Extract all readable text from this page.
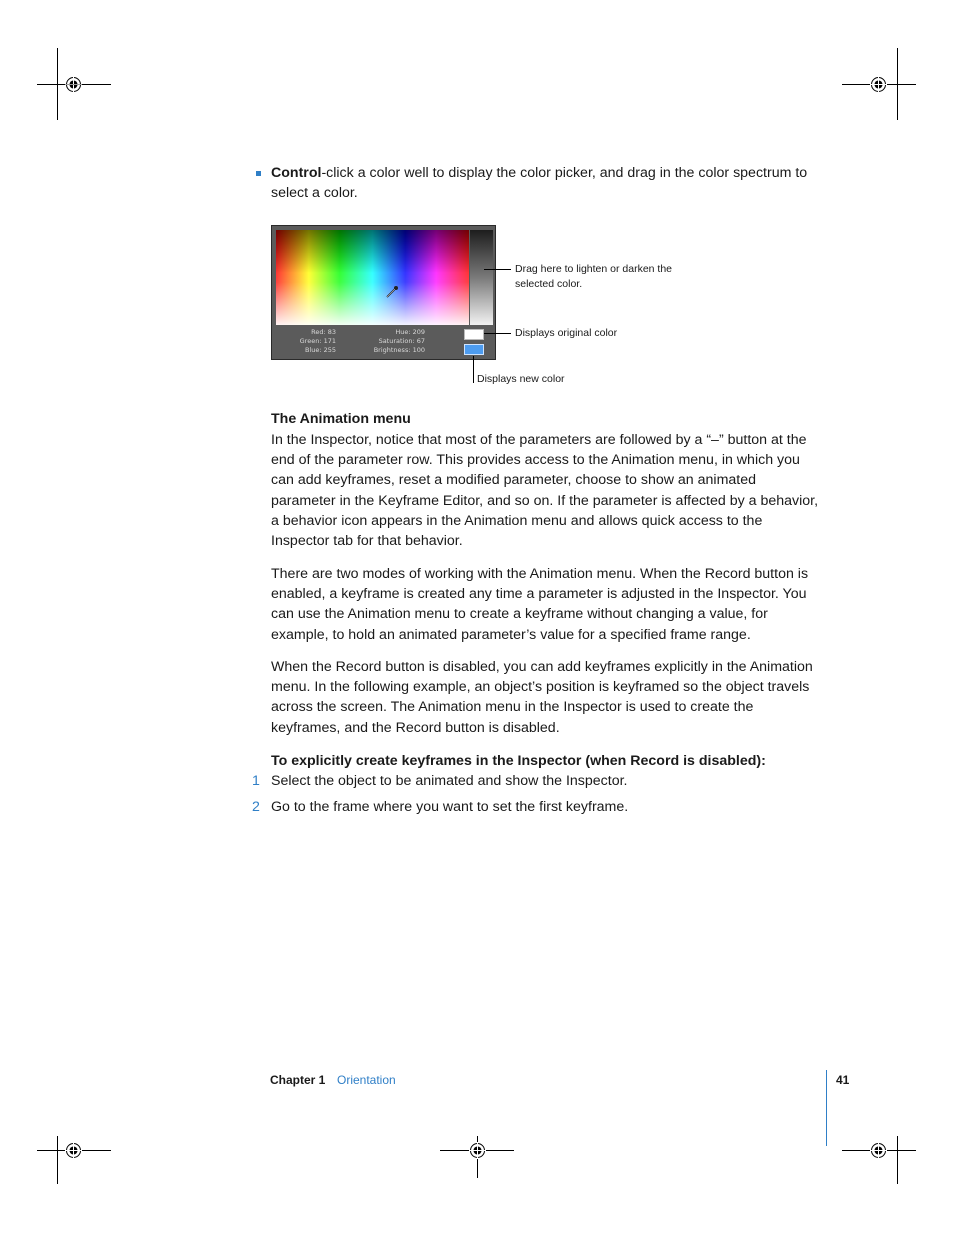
Control-click a color well to display the color picker, and drag in the color spectrum to
select a color.
Red: 83
Green: 171
Blue: 255
Hue: 209
Saturation: 67
Brightness: 100
Drag here to lighten or darken the
selected color.
Displays original color
Displays new color
The Animation menu
In the Inspector, notice that most of the parameters are followed by a “–” button at the
end of the parameter row. This provides access to the Animation menu, in which you
can add keyframes, reset a modified parameter, choose to show an animated
parameter in the Keyframe Editor, and so on. If the parameter is affected by a behavior,
a behavior icon appears in the Animation menu and allows quick access to the
Inspector tab for that behavior.
There are two modes of working with the Animation menu. When the Record button is
enabled, a keyframe is created any time a parameter is adjusted in the Inspector. You
can use the Animation menu to create a keyframe without changing a value, for
example, to hold an animated parameter’s value for a specified frame range.
When the Record button is disabled, you can add keyframes explicitly in the Animation
menu. In the following example, an object’s position is keyframed so the object travels
across the screen. The Animation menu in the Inspector is used to create the
keyframes, and the Record button is disabled.
To explicitly create keyframes in the Inspector (when Record is disabled):
1 Select the object to be animated and show the Inspector.
2 Go to the frame where you want to set the first keyframe.
Chapter 1 Orientation	41
